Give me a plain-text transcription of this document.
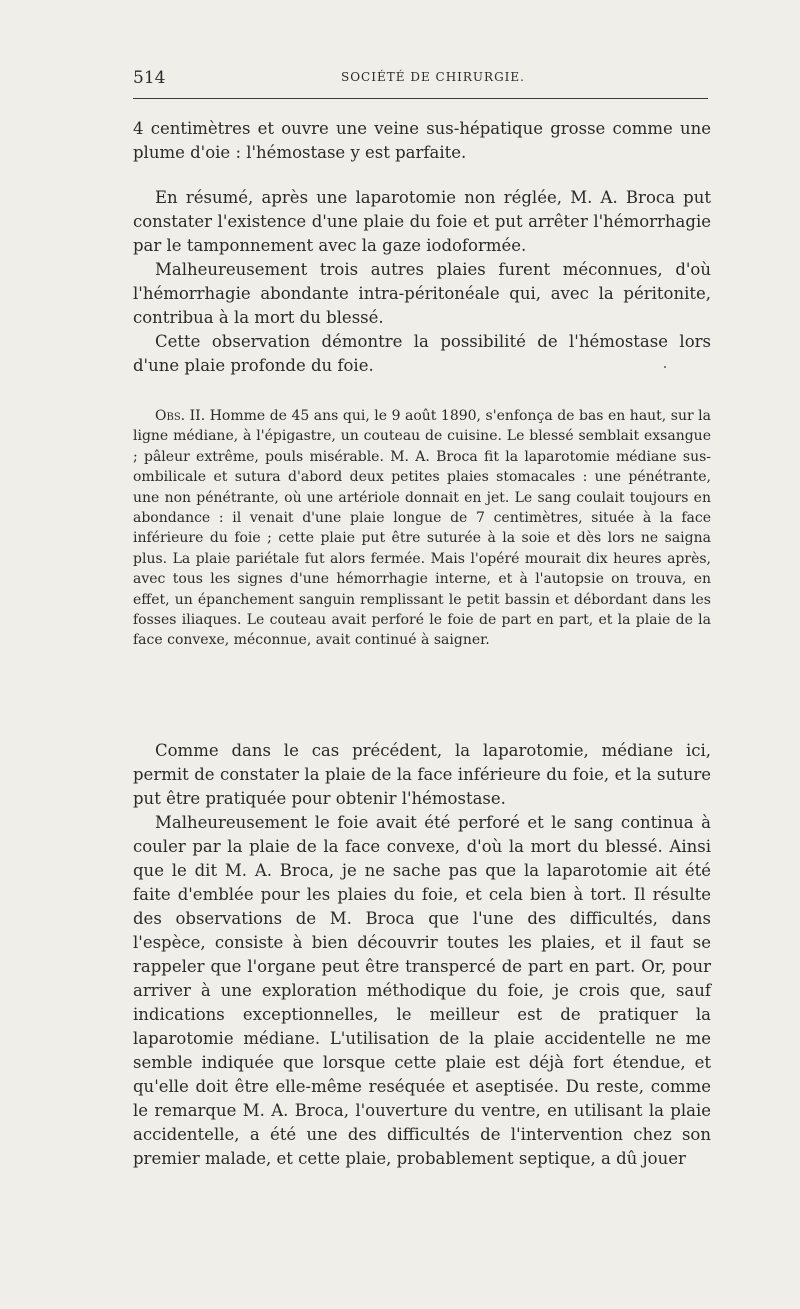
514	SOCIÉTÉ DE CHIRURGIE.

4 centimètres et ouvre une veine sus-hépatique grosse comme une plume d'oie : l'hémostase y est parfaite.

En résumé, après une laparotomie non réglée, M. A. Broca put constater l'existence d'une plaie du foie et put arrêter l'hémorrhagie par le tamponnement avec la gaze iodoformée.

Malheureusement trois autres plaies furent méconnues, d'où l'hémorrhagie abondante intra-péritonéale qui, avec la péritonite, contribua à la mort du blessé.

Cette observation démontre la possibilité de l'hémostase lors d'une plaie profonde du foie.

Obs. II. Homme de 45 ans qui, le 9 août 1890, s'enfonça de bas en haut, sur la ligne médiane, à l'épigastre, un couteau de cuisine. Le blessé semblait exsangue ; pâleur extrême, pouls misérable. M. A. Broca fit la laparotomie médiane sus-ombilicale et sutura d'abord deux petites plaies stomacales : une pénétrante, une non pénétrante, où une artériole donnait en jet. Le sang coulait toujours en abondance : il venait d'une plaie longue de 7 centimètres, située à la face inférieure du foie ; cette plaie put être suturée à la soie et dès lors ne saigna plus. La plaie pariétale fut alors fermée. Mais l'opéré mourait dix heures après, avec tous les signes d'une hémorrhagie interne, et à l'autopsie on trouva, en effet, un épanchement sanguin remplissant le petit bassin et débordant dans les fosses iliaques. Le couteau avait perforé le foie de part en part, et la plaie de la face convexe, méconnue, avait continué à saigner.

Comme dans le cas précédent, la laparotomie, médiane ici, permit de constater la plaie de la face inférieure du foie, et la suture put être pratiquée pour obtenir l'hémostase.

Malheureusement le foie avait été perforé et le sang continua à couler par la plaie de la face convexe, d'où la mort du blessé. Ainsi que le dit M. A. Broca, je ne sache pas que la laparotomie ait été faite d'emblée pour les plaies du foie, et cela bien à tort. Il résulte des observations de M. Broca que l'une des difficultés, dans l'espèce, consiste à bien découvrir toutes les plaies, et il faut se rappeler que l'organe peut être transpercé de part en part. Or, pour arriver à une exploration méthodique du foie, je crois que, sauf indications exceptionnelles, le meilleur est de pratiquer la laparotomie médiane. L'utilisation de la plaie accidentelle ne me semble indiquée que lorsque cette plaie est déjà fort étendue, et qu'elle doit être elle-même reséquée et aseptisée. Du reste, comme le remarque M. A. Broca, l'ouverture du ventre, en utilisant la plaie accidentelle, a été une des difficultés de l'intervention chez son premier malade, et cette plaie, probablement septique, a dû jouer
